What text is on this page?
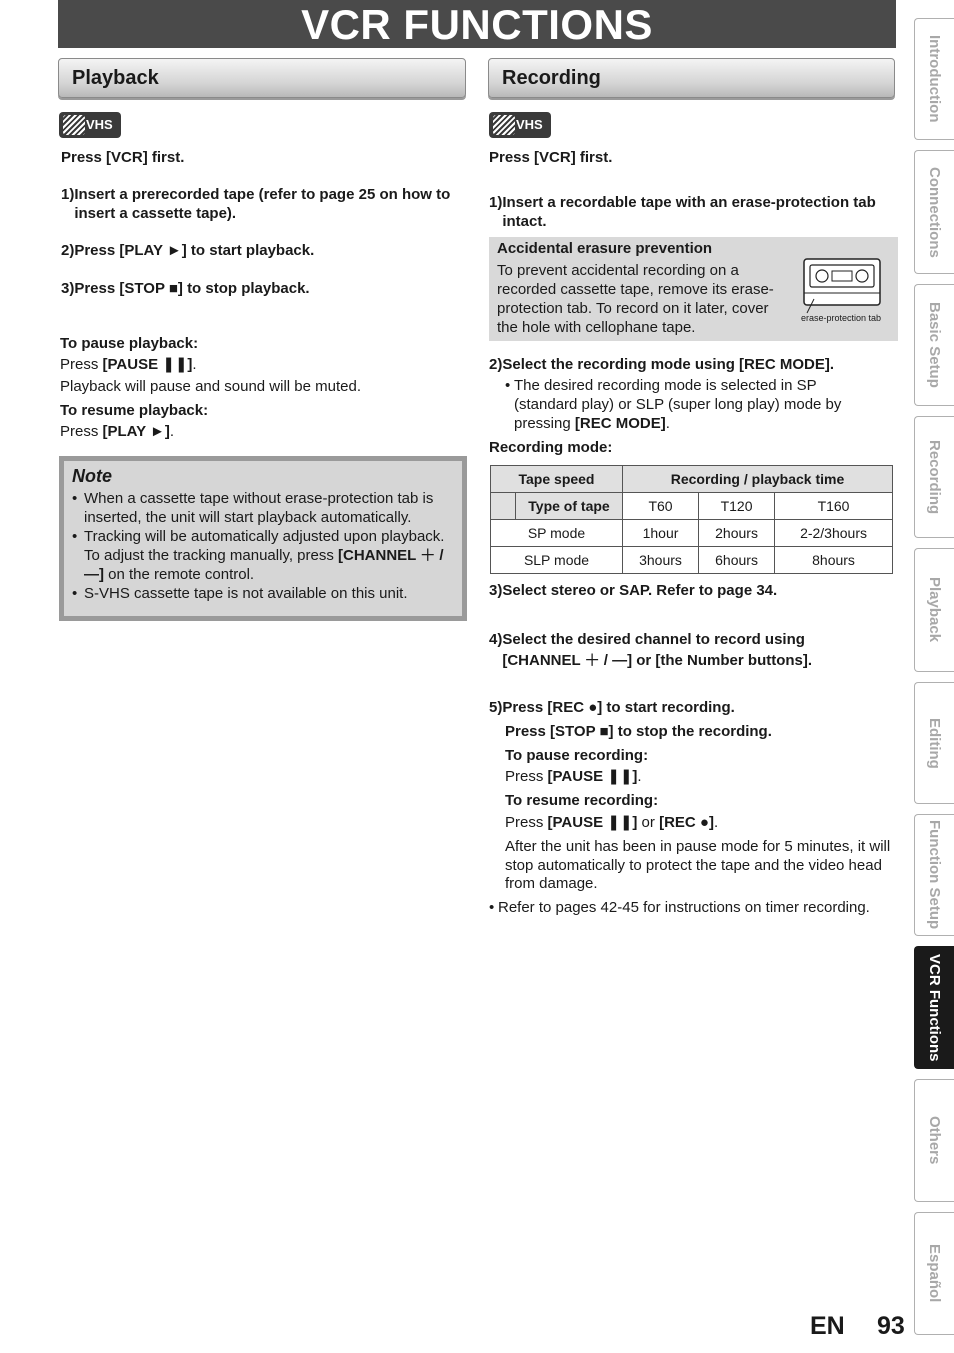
VCR FUNCTIONS
Playback
VHS
Press [VCR] first.
1) Insert a prerecorded tape (refer to page 25 on how to insert a cassette tape).
2) Press [PLAY ►] to start playback.
3) Press [STOP ■] to stop playback.
To pause playback:
Press [PAUSE ❚❚].
Playback will pause and sound will be muted.
To resume playback:
Press [PLAY ►].
Note
• When a cassette tape without erase-protection tab is inserted, the unit will start playback automatically.
• Tracking will be automatically adjusted upon playback. To adjust the tracking manually, press [CHANNEL ＋ / —] on the remote control.
• S-VHS cassette tape is not available on this unit.
Recording
VHS
Press [VCR] first.
1) Insert a recordable tape with an erase-protection tab intact.
Accidental erasure prevention
To prevent accidental recording on a recorded cassette tape, remove its erase-protection tab. To record on it later, cover the hole with cellophane tape.
erase-protection tab
2) Select the recording mode using [REC MODE].
• The desired recording mode is selected in SP (standard play) or SLP (super long play) mode by pressing [REC MODE].
Recording mode:
Tape speed		Recording / playback time		
	Type of tape	T60	T120	T160
SP mode		1hour	2hours	2-2/3hours
SLP mode		3hours	6hours	8hours
3) Select stereo or SAP. Refer to page 34.
4) Select the desired channel to record using [CHANNEL ＋ / —] or [the Number buttons].
5) Press [REC ●] to start recording.
Press [STOP ■] to stop the recording.
To pause recording:
Press [PAUSE ❚❚].
To resume recording:
Press [PAUSE ❚❚] or [REC ●].
After the unit has been in pause mode for 5 minutes, it will stop automatically to protect the tape and the video head from damage.
• Refer to pages 42-45 for instructions on timer recording.
Introduction
Connections
Basic Setup
Recording
Playback
Editing
Function Setup
VCR Functions
Others
Español
EN 93
